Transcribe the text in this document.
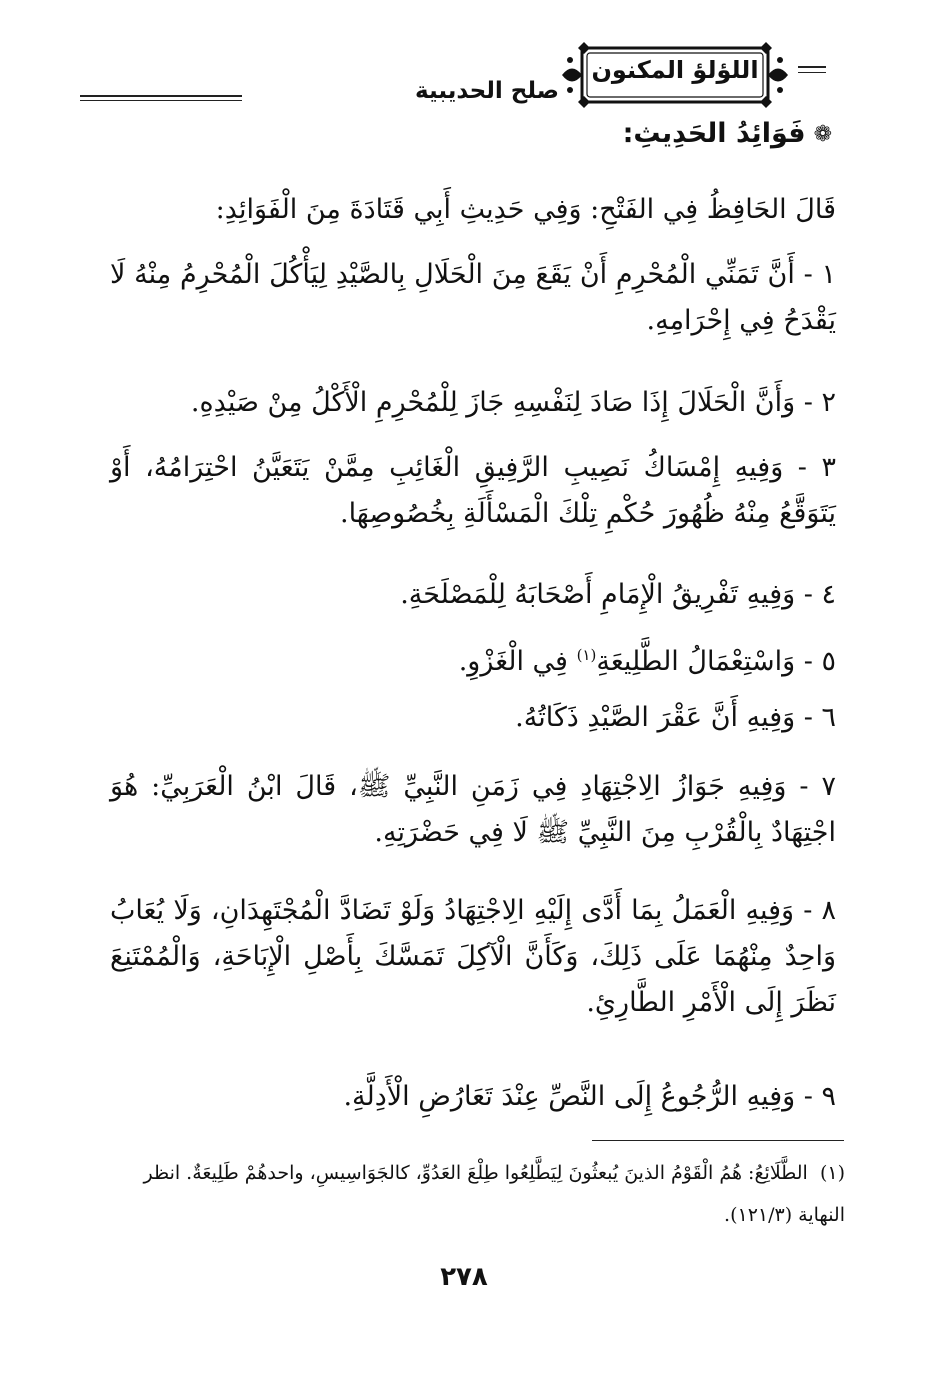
صلح الحديبية
اللؤلؤ المكنون
❁فَوَائِدُ الحَدِيثِ:
قَالَ الحَافِظُ فِي الفَتْحِ: وَفِي حَدِيثِ أَبِي قَتَادَةَ مِنَ الْفَوَائِدِ:
١ - أَنَّ تَمَنِّي الْمُحْرِمِ أَنْ يَقَعَ مِنَ الْحَلَالِ بِالصَّيْدِ لِيَأْكُلَ الْمُحْرِمُ مِنْهُ لَا يَقْدَحُ فِي إِحْرَامِهِ.
٢ - وَأَنَّ الْحَلَالَ إِذَا صَادَ لِنَفْسِهِ جَازَ لِلْمُحْرِمِ الْأَكْلُ مِنْ صَيْدِهِ.
٣ - وَفِيهِ إِمْسَاكُ نَصِيبِ الرَّفِيقِ الْغَائِبِ مِمَّنْ يَتَعَيَّنُ احْتِرَامُهُ، أَوْ يَتَوَقَّعُ مِنْهُ ظُهُورَ حُكْمِ تِلْكَ الْمَسْأَلَةِ بِخُصُوصِهَا.
٤ - وَفِيهِ تَفْرِيقُ الْإِمَامِ أَصْحَابَهُ لِلْمَصْلَحَةِ.
٥ - وَاسْتِعْمَالُ الطَّلِيعَةِ$^{(١)}$ فِي الْغَزْوِ.
٦ - وَفِيهِ أَنَّ عَقْرَ الصَّيْدِ ذَكَاتُهُ.
٧ - وَفِيهِ جَوَازُ الِاجْتِهَادِ فِي زَمَنِ النَّبِيِّ ﷺ، قَالَ ابْنُ الْعَرَبِيِّ: هُوَ اجْتِهَادٌ بِالْقُرْبِ مِنَ النَّبِيِّ ﷺ لَا فِي حَضْرَتِهِ.
٨ - وَفِيهِ الْعَمَلُ بِمَا أَدَّى إِلَيْهِ الِاجْتِهَادُ وَلَوْ تَضَادَّ الْمُجْتَهِدَانِ، وَلَا يُعَابُ وَاحِدٌ مِنْهُمَا عَلَى ذَلِكَ، وَكَأَنَّ الْآكِلَ تَمَسَّكَ بِأَصْلِ الْإِبَاحَةِ، وَالْمُمْتَنِعَ نَظَرَ إِلَى الْأَمْرِ الطَّارِئِ.
٩ - وَفِيهِ الرُّجُوعُ إِلَى النَّصِّ عِنْدَ تَعَارُضِ الْأَدِلَّةِ.
(١)  الطَّلَائِعُ: هُمُ الْقَوْمُ الذينَ يُبعثُونَ لِيَطَّلِعُوا طِلْعَ العَدُوِّ، كالجَوَاسِيسِ، واحدهُمْ طَلِيعَةٌ. انظر النهاية (١٢١/٣).
٢٧٨
